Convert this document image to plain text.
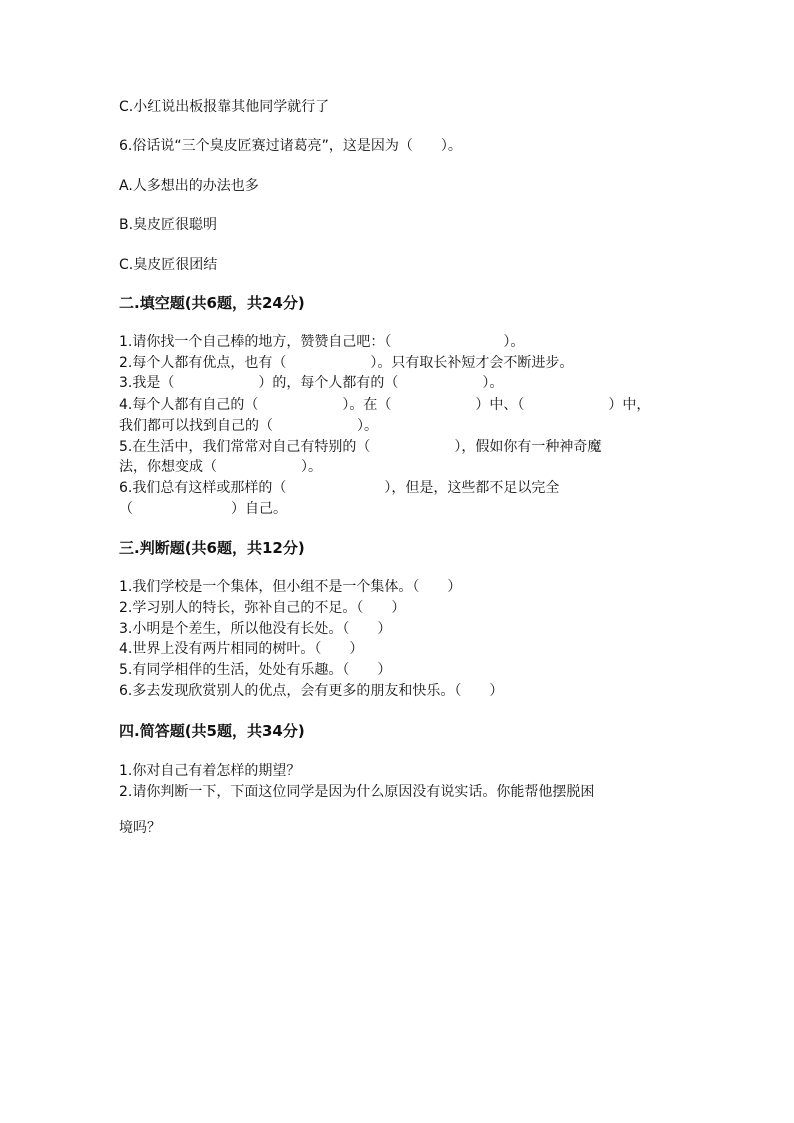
C.小红说出板报靠其他同学就行了
6.俗话说“三个臭皮匠赛过诸葛亮”，这是因为（　　）。
A.人多想出的办法也多
B.臭皮匠很聪明
C.臭皮匠很团结
二.填空题(共6题，共24分)
1.请你找一个自己棒的地方，赞赞自己吧：（　　　　　　　　）。
2.每个人都有优点，也有（　　　　　　）。只有取长补短才会不断进步。
3.我是（　　　　　　）的，每个人都有的（　　　　　　）。
4.每个人都有自己的（　　　　　　）。在（　　　　　　）中、（　　　　　　）中，
我们都可以找到自己的（　　　　　　）。
5.在生活中，我们常常对自己有特别的（　　　　　　），假如你有一种神奇魔
法，你想变成（　　　　　　）。
6.我们总有这样或那样的（　　　　　　　），但是，这些都不足以完全
（　　　　　　　）自己。
三.判断题(共6题，共12分)
1.我们学校是一个集体，但小组不是一个集体。（　　）
2.学习别人的特长，弥补自己的不足。（　　）
3.小明是个差生，所以他没有长处。（　　）
4.世界上没有两片相同的树叶。（　　）
5.有同学相伴的生活，处处有乐趣。（　　）
6.多去发现欣赏别人的优点，会有更多的朋友和快乐。（　　）
四.简答题(共5题，共34分)
1.你对自己有着怎样的期望？
2.请你判断一下，下面这位同学是因为什么原因没有说实话。你能帮他摆脱困
境吗？
